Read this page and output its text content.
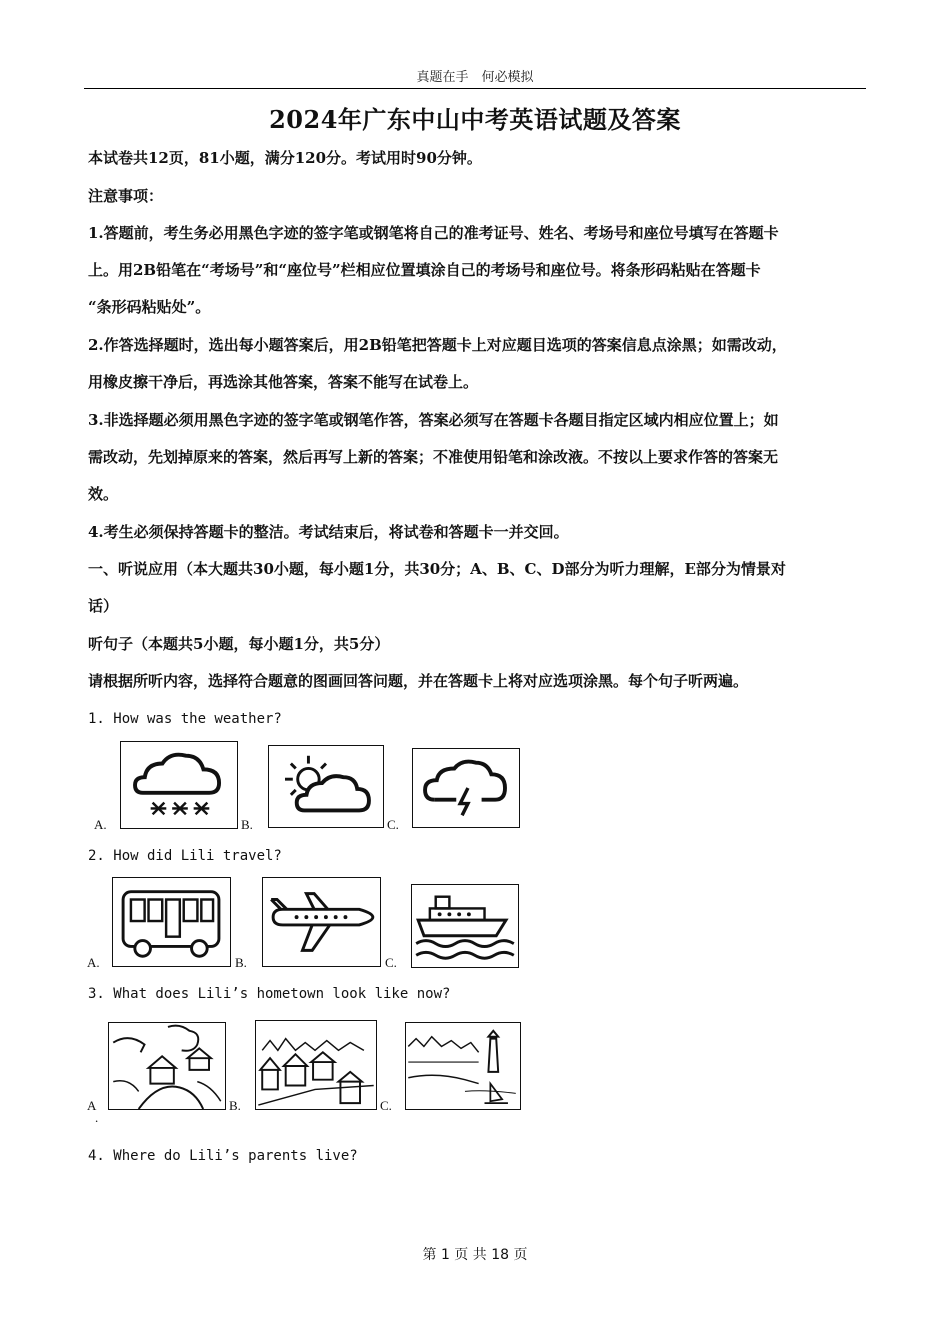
真题在手　何必模拟
2024年广东中山中考英语试题及答案
本试卷共12页，81小题，满分120分。考试用时90分钟。
注意事项：
1.答题前，考生务必用黑色字迹的签字笔或钢笔将自己的准考证号、姓名、考场号和座位号填写在答题卡
上。用2B铅笔在“考场号”和“座位号”栏相应位置填涂自己的考场号和座位号。将条形码粘贴在答题卡
“条形码粘贴处”。
2.作答选择题时，选出每小题答案后，用2B铅笔把答题卡上对应题目选项的答案信息点涂黑；如需改动，
用橡皮擦干净后，再选涂其他答案，答案不能写在试卷上。
3.非选择题必须用黑色字迹的签字笔或钢笔作答，答案必须写在答题卡各题目指定区域内相应位置上；如
需改动，先划掉原来的答案，然后再写上新的答案；不准使用铅笔和涂改液。不按以上要求作答的答案无
效。
4.考生必须保持答题卡的整洁。考试结束后，将试卷和答题卡一并交回。
一、听说应用（本大题共30小题，每小题1分，共30分；A、B、C、D部分为听力理解，E部分为情景对
话）
听句子（本题共5小题，每小题1分，共5分）
请根据所听内容，选择符合题意的图画回答问题，并在答题卡上将对应选项涂黑。每个句子听两遍。
1. How was the weather?
A.	B.	C.
2. How did Lili travel?
A.	B.	C.
3. What does Lili’s hometown look like now?
A
.
B.	C.
4. Where do Lili’s parents live?
第 1 页 共 18 页
